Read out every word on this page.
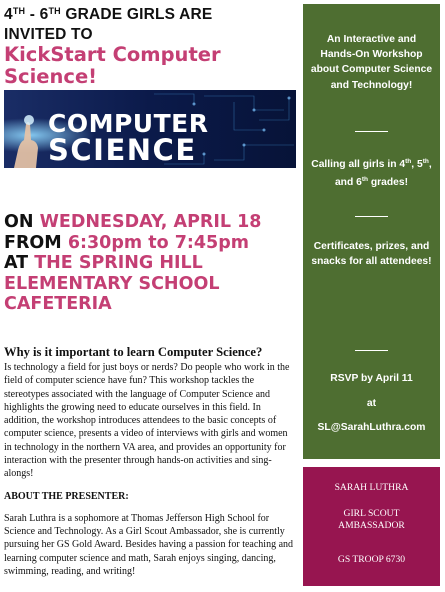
4TH - 6TH GRADE GIRLS ARE
INVITED TO
KickStart Computer
Science!
COMPUTER
SCIENCE
ON WEDNESDAY, APRIL 18
FROM 6:30pm to 7:45pm
AT THE SPRING HILL
ELEMENTARY SCHOOL
CAFETERIA
Why is it important to learn Computer Science?
Is technology a field for just boys or nerds? Do people who work in the field of computer science have fun? This workshop tackles the stereotypes associated with the language of Computer Science and highlights the growing need to educate ourselves in this field. In addition, the workshop introduces attendees to the basic concepts of computer science, presents a video of interviews with girls and women in technology in the northern VA area, and provides an opportunity for interaction with the presenter through hands-on activities and sing-alongs!
ABOUT THE PRESENTER:
Sarah Luthra is a sophomore at Thomas Jefferson High School for Science and Technology. As a Girl Scout Ambassador, she is currently pursuing her GS Gold Award. Besides having a passion for teaching and learning computer science and math, Sarah enjoys singing, dancing, swimming, reading, and writing!
An Interactive and Hands-On Workshop about Computer Science and Technology!
Calling all girls in 4th, 5th, and 6th grades!
Certificates, prizes, and snacks for all attendees!
RSVP by April 11
at
SL@SarahLuthra.com
SARAH LUTHRA
GIRL SCOUT
AMBASSADOR
GS TROOP 6730
